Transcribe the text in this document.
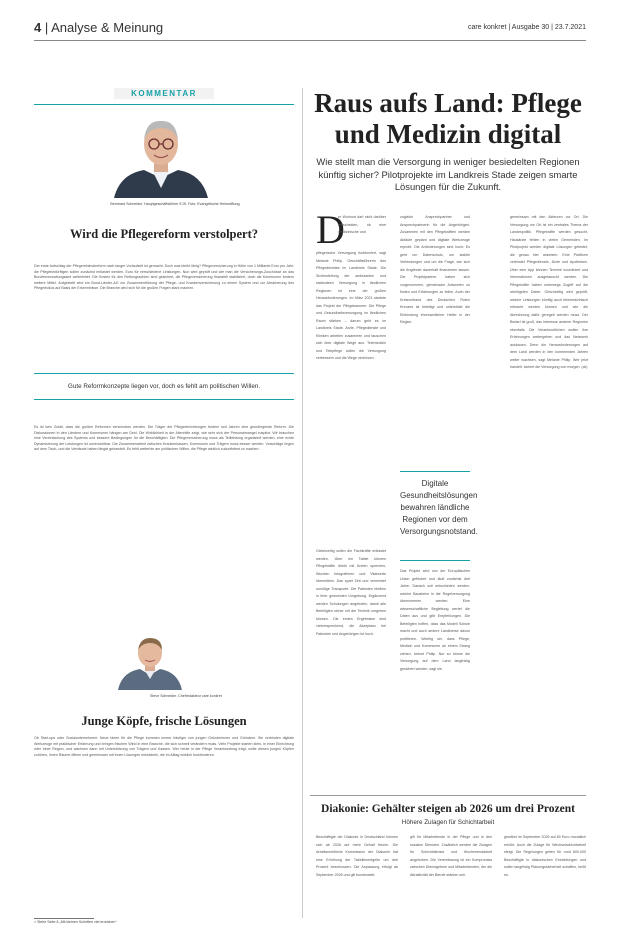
4 | Analyse & Meinung	care konkret | Ausgabe 30 | 23.7.2021
KOMMENTAR
Bernhard Schneider, Hauptgeschäftsführer EJS. Foto: Evangelische Heimstiftung
Wird die Pflegereform verstolpert?

Der erste Aufschlag der Pflegeminimalreform nach langer Vorlaufzeit ist gemacht. Doch was bleibt übrig? Pflegeversicherung in Höhe von 1 Milliarde Euro pro Jahr, die Pflegebedürftigen sollen zunächst entlastet werden. Euro für verschiedene Leistungen. Nun wird geprüft und wie man die Versicherungs-Zuschüsse an das Bundesverwaltungsamt weiterleitet. Die Kosten für den Rettungsschirm sind gesichert, die Pflegeversicherung finanziell stabilisiert, doch die Kommunen fordern weitere Mittel. Aufgestellt wird ein Bund-Länder-AG zur Zusammenführung der Pflege- und Krankenversicherung zu einem System und zur Absicherung des Pflegerisikos auf Basis der Erkenntnisse. Die Branche wird sich für die großen Fragen stark machen.

Gute Reformkonzepte liegen vor, doch es fehlt am politischen Willen.

Es ist kein Zufall, dass die großen Reformen verschoben werden. Die Träger der Pflegeeinrichtungen fordern seit Jahren eine grundlegende Reform. Die Diskussionen in den Ländern und Kommunen hängen am Geld. Die Wirklichkeit in der Altenhilfe zeigt, wie sehr sich der Personalmangel zuspitzt. Wir brauchen eine Vereinfachung des Systems und bessere Bedingungen für die Beschäftigten. Die Pflegeversicherung muss als Teilleistung organisiert werden, eine echte Dynamisierung der Leistungen ist unverzichtbar. Die Zusammenarbeit zwischen Krankenkassen, Kommunen und Trägern muss besser werden. Vorschläge liegen auf dem Tisch, und die Verbände haben längst gehandelt. Es fehlt weiterhin am politischen Willen, die Pflege wirklich zukunftsfest zu machen.

Steve Schneider, Chefredakteur care konkret
Junge Köpfe, frische Lösungen

Ob Start-ups oder Sozialunternehmen: Neue Ideen für die Pflege kommen immer häufiger von jungen Gründerinnen und Gründern. Sie verbinden digitale Werkzeuge mit praktischer Erfahrung und bringen frischen Wind in eine Branche, die sich schnell verändern muss. Viele Projekte starten klein, in einer Einrichtung oder einer Region, und wachsen dann mit Unterstützung von Trägern und Kassen. Wer heute in der Pflege Verantwortung trägt, sollte diesen jungen Köpfen zuhören, ihnen Räume öffnen und gemeinsam mit ihnen Lösungen entwickeln, die im Alltag wirklich funktionieren.

> Siehe Seite 8 „Mit kleinen Schritten viel erreichen“
Raus aufs Land: Pflege
und Medizin digital

Wie stellt man die Versorgung in weniger besiedelten Regionen künftig sicher? Pilotprojekte im Landkreis Stade zeigen smarte Lösungen für die Zukunft.

D

er Wohnort darf nicht darüber entscheiden, ob eine medizinische und

pflegerische Versorgung funktioniert, sagt Melanie Philip, Geschäftsführerin des Pflegedienstes im Landkreis Stade. Die Sicherstellung der ambulanten und stationären Versorgung in ländlichen Regionen ist eine der großen Herausforderungen. Im März 2021 startete das Projekt der Pflegekammer. Die Pflege und Gesundheitsversorgung im ländlichen Raum stärken – darum geht es im Landkreis Stade. Ärzte, Pflegedienste und Kliniken arbeiten zusammen und tauschen sich über digitale Wege aus. Telemedizin und Telepflege sollen die Versorgung verbessern und die Wege verkürzen.

zugleich Ansprechpartner und Ansprechpartnerin für die Angehörigen. Zusammen mit den Pflegekräften werden Abläufe geplant und digitale Werkzeuge erprobt. Die Anforderungen sind hoch: Es geht um Datenschutz, um stabile Verbindungen und um die Frage, wie sich die Angebote dauerhaft finanzieren lassen. Die Projektpartner haben sich vorgenommen, gemeinsam Antworten zu finden und Erfahrungen zu teilen. Auch der Kreisverband des Deutschen Roten Kreuzes ist beteiligt und unterstützt die Einbindung ehrenamtlicher Helfer in der Region.

Digitale Gesundheitslösungen bewahren ländliche Regionen vor dem Versorgungsnotstand.

Gleichzeitig sollen die Fachkräfte entlastet werden. Über ein Tablet können Pflegekräfte direkt mit Ärzten sprechen, Wunden fotografieren und Vitalwerte übermitteln. Das spart Zeit und vermeidet unnötige Transporte. Die Patienten bleiben in ihrer gewohnten Umgebung. Ergänzend werden Schulungen angeboten, damit alle Beteiligten sicher mit der Technik umgehen können. Die ersten Ergebnisse sind vielversprechend, die Akzeptanz bei Patienten und Angehörigen ist hoch.

Das Projekt wird von der Europäischen Union gefördert und läuft zunächst drei Jahre. Danach soll entschieden werden, welche Bausteine in die Regelversorgung übernommen werden. Eine wissenschaftliche Begleitung wertet die Daten aus und gibt Empfehlungen. Die Beteiligten hoffen, dass das Modell Schule macht und auch andere Landkreise davon profitieren. Wichtig sei, dass Pflege, Medizin und Kommunen an einem Strang ziehen, betont Philip. Nur so könne die Versorgung auf dem Land langfristig gesichert werden, sagt sie.

gemeinsam mit den Akteuren vor Ort. Die Versorgung vor Ort ist ein zentrales Thema der Landespolitik. Pflegekräfte werden gesucht, Hausärzte fehlen in vielen Gemeinden. Im Pilotprojekt werden digitale Lösungen getestet, die genau hier ansetzen. Eine Plattform verbindet Pflegedienste, Ärzte und Apotheken. Über eine App können Termine koordiniert und Informationen ausgetauscht werden. Die Pflegekräfte haben unterwegs Zugriff auf die wichtigsten Daten. Gleichzeitig wird geprüft, welche Leistungen künftig auch telemedizinisch erbracht werden können und wie die Abrechnung dafür geregelt werden muss. Der Bedarf ist groß, das Interesse anderer Regionen ebenfalls. Die Verantwortlichen wollen ihre Erfahrungen weitergeben und das Netzwerk ausbauen. Denn die Herausforderungen auf dem Land werden in den kommenden Jahren weiter wachsen, sagt Melanie Philip. Wer jetzt handelt, sichert die Versorgung von morgen. (ck)

Diakonie: Gehälter steigen ab 2026 um drei Prozent
Höhere Zulagen für Schichtarbeit

Beschäftigte der Diakonie in Deutschland können sich ab 2026 auf mehr Gehalt freuen. Die Arbeitsrechtliche Kommission der Diakonie hat eine Erhöhung der Tabellenentgelte um drei Prozent beschlossen. Die Anpassung erfolgt ab September 2026 und gilt bundesweit.

gilt für Mitarbeitende in der Pflege und in den sozialen Diensten. Zusätzlich werden die Zulagen für Schichtdienste und Wochenendarbeit angehoben. Die Vereinbarung ist ein Kompromiss zwischen Dienstgebern und Mitarbeitenden, der die Attraktivität der Berufe stärken soll.

gewährt im September 2026 auf 80 Euro monatlich erhöht. Auch die Zulage für Wechselschichtarbeit steigt. Die Regelungen gelten für rund 600.000 Beschäftigte in diakonischen Einrichtungen und sollen langfristig Planungssicherheit schaffen, heißt es.
